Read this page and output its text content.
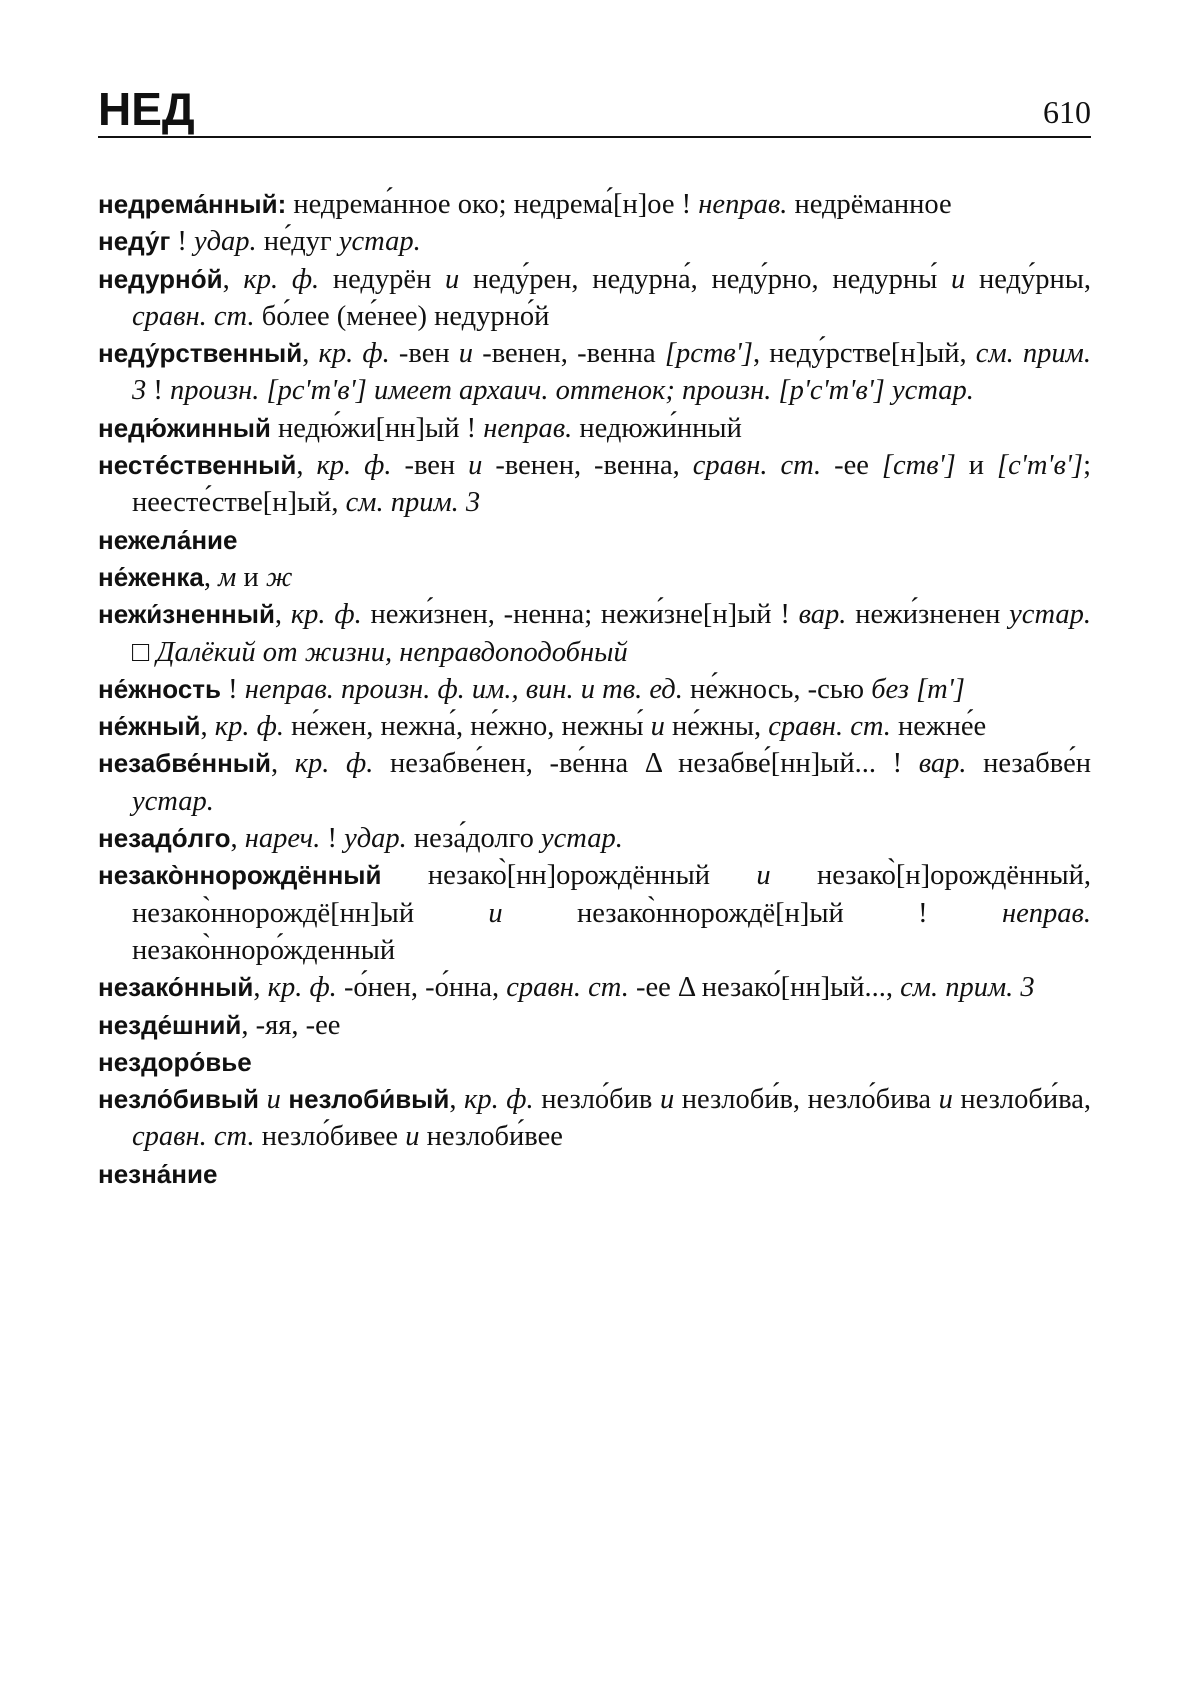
НЕД	610

недрема́нный: недрема́нное око; недрема́[н]ое ! неправ. недрёманное

неду́г ! удар. не́дуг устар.

недурно́й, кр. ф. недурён и неду́рен, недурна́, неду́рно, недурны́ и неду́рны, сравн. ст. бо́лее (ме́нее) недурно́й

неду́рственный, кр. ф. -вен и -венен, -венна [рств'], неду́рстве[н]ый, см. прим. 3 ! произн. [рс'т'в'] имеет архаич. оттенок; произн. [р'с'т'в'] устар.

недю́жинный недю́жи[нн]ый ! неправ. недюжи́нный

нестéственный, кр. ф. -вен и -венен, -венна, сравн. ст. -ее [ств'] и [с'т'в']; неесте́стве[н]ый, см. прим. 3

нежела́ние

не́женка, м и ж

нежи́зненный, кр. ф. нежи́знен, -ненна; нежи́зне[н]ый ! вар. нежи́зненен устар. □ Далёкий от жизни, неправдоподобный

не́жность ! неправ. произн. ф. им., вин. и тв. ед. не́жнось, -сью без [т']

не́жный, кр. ф. не́жен, нежна́, не́жно, нежны́ и не́жны, сравн. ст. нежне́е

незабве́нный, кр. ф. незабве́нен, -ве́нна Δ незабве́[нн]ый... ! вар. незабве́н устар.

незадо́лго, нареч. ! удар. неза́долго устар.

незако̀ннорождённый незако̀[нн]орождённый и незако̀[н]орождённый, незако̀ннорождё[нн]ый и незако̀ннорождё[н]ый ! неправ. незако̀ннoро́жденный

незако́нный, кр. ф. -о́нен, -о́нна, сравн. ст. -ее Δ незако́[нн]ый..., см. прим. 3

незде́шний, -яя, -ее

нездоро́вье

незло́бивый и незлоби́вый, кр. ф. незло́бив и незлоби́в, незло́бива и незлоби́ва, сравн. ст. незло́бивее и незлоби́вее

незна́ние
